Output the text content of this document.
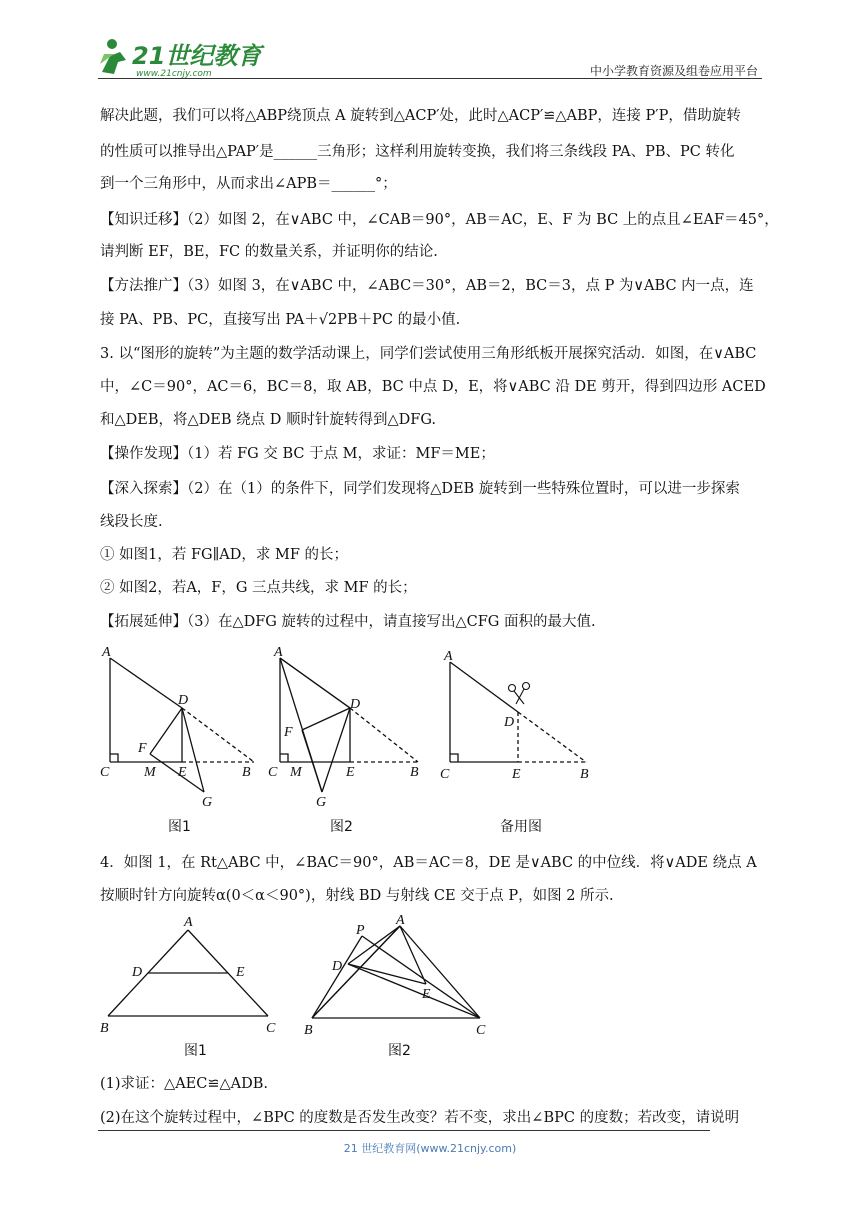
21世纪教育
www.21cnjy.com	中小学教育资源及组卷应用平台
解决此题，我们可以将△ABP绕顶点 A 旋转到△ACP′处，此时△ACP′≌△ABP，连接 P′P，借助旋转
的性质可以推导出△PAP′是______三角形；这样利用旋转变换，我们将三条线段 PA、PB、PC 转化
到一个三角形中，从而求出∠APB＝______°；
【知识迁移】（2）如图 2，在∨ABC 中，∠CAB＝90°，AB＝AC，E、F 为 BC 上的点且∠EAF＝45°，
请判断 EF，BE，FC 的数量关系，并证明你的结论.
【方法推广】（3）如图 3，在∨ABC 中，∠ABC＝30°，AB＝2，BC＝3，点 P 为∨ABC 内一点，连
接 PA、PB、PC，直接写出 PA＋√2PB＋PC 的最小值.
3. 以“图形的旋转”为主题的数学活动课上，同学们尝试使用三角形纸板开展探究活动．如图，在∨ABC
中，∠C＝90°，AC＝6，BC＝8，取 AB，BC 中点 D，E，将∨ABC 沿 DE 剪开，得到四边形 ACED
和△DEB，将△DEB 绕点 D 顺时针旋转得到△DFG.
【操作发现】（1）若 FG 交 BC 于点 M，求证：MF＝ME；
【深入探索】（2）在（1）的条件下，同学们发现将△DEB 旋转到一些特殊位置时，可以进一步探索
线段长度.
① 如图1，若 FG∥AD，求 MF 的长；
② 如图2，若A，F，G 三点共线，求 MF 的长；
【拓展延伸】（3）在△DFG 旋转的过程中，请直接写出△CFG 面积的最大值.
A
D
F
C M E	B
G
A
D
F
C M	E	B
G
A
D
C	E	B
图1	图2	备用图
4．如图 1，在 Rt△ABC 中，∠BAC＝90°，AB＝AC＝8，DE 是∨ABC 的中位线．将∨ADE 绕点 A
按顺时针方向旋转α(0＜α＜90°)，射线 BD 与射线 CE 交于点 P，如图 2 所示.
A
D	E
B	C
P
A
D
E
B	C
图1	图2
(1)求证：△AEC≌△ADB.
(2)在这个旋转过程中，∠BPC 的度数是否发生改变？若不变，求出∠BPC 的度数；若改变，请说明
21 世纪教育网(www.21cnjy.com)
